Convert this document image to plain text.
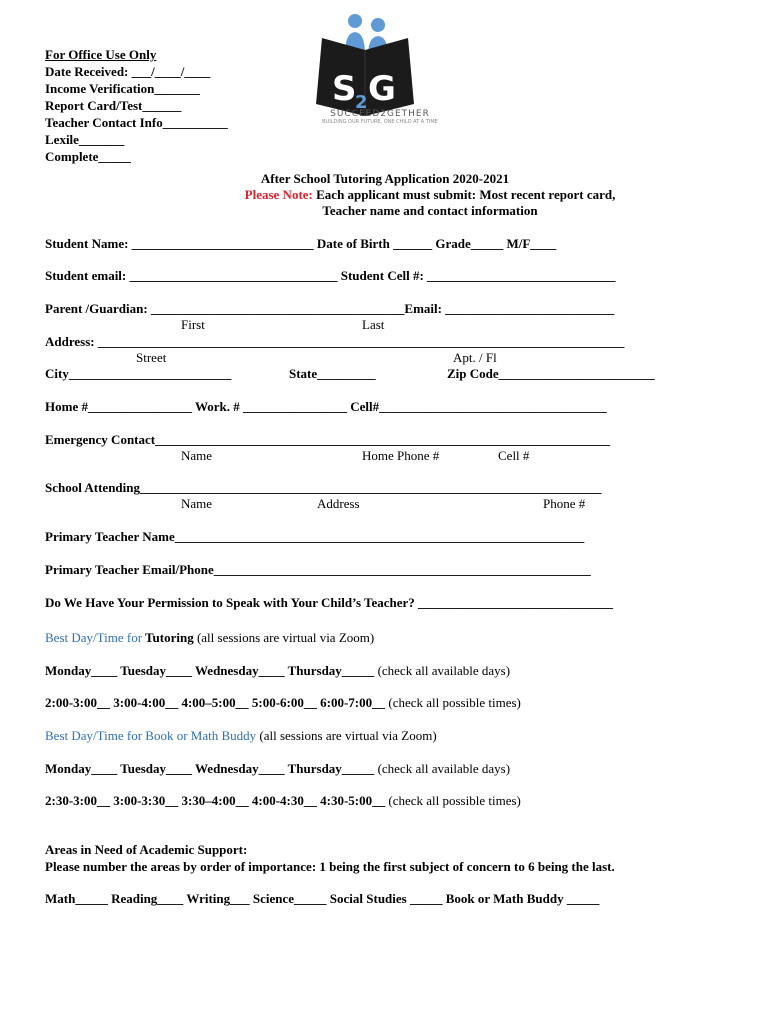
For Office Use Only
Date Received: ___/____/____
Income Verification_______
Report Card/Test______
Teacher Contact Info__________
Lexile_______
Complete_____
S
2 G
SUCCEED2GETHER
BUILDING OUR FUTURE, ONE CHILD AT A TIME
After School Tutoring Application 2020-2021
Please Note: Each applicant must submit: Most recent report card,
Teacher name and contact information
Student Name: ____________________________ Date of Birth ______ Grade_____ M/F____
Student email: ________________________________ Student Cell #: _____________________________
Parent /Guardian: _______________________________________Email: __________________________
First	Last
Address: _________________________________________________________________________________
Street	Apt. / Fl
City_________________________	State_________	Zip Code________________________
Home #________________ Work. # ________________ Cell#___________________________________
Emergency Contact______________________________________________________________________
Name	Home Phone #	Cell #
School Attending_______________________________________________________________________
Name	Address	Phone #
Primary Teacher Name_______________________________________________________________
Primary Teacher Email/Phone__________________________________________________________
Do We Have Your Permission to Speak with Your Child’s Teacher? ______________________________
Best Day/Time for Tutoring (all sessions are virtual via Zoom)
Monday____ Tuesday____ Wednesday____ Thursday_____ (check all available days)
2:00-3:00__ 3:00-4:00__ 4:00–5:00__ 5:00-6:00__ 6:00-7:00__ (check all possible times)
Best Day/Time for Book or Math Buddy (all sessions are virtual via Zoom)
Monday____ Tuesday____ Wednesday____ Thursday_____ (check all available days)
2:30-3:00__ 3:00-3:30__ 3:30–4:00__ 4:00-4:30__ 4:30-5:00__ (check all possible times)
Areas in Need of Academic Support:
Please number the areas by order of importance: 1 being the first subject of concern to 6 being the last.
Math_____ Reading____ Writing___ Science_____ Social Studies _____ Book or Math Buddy _____
